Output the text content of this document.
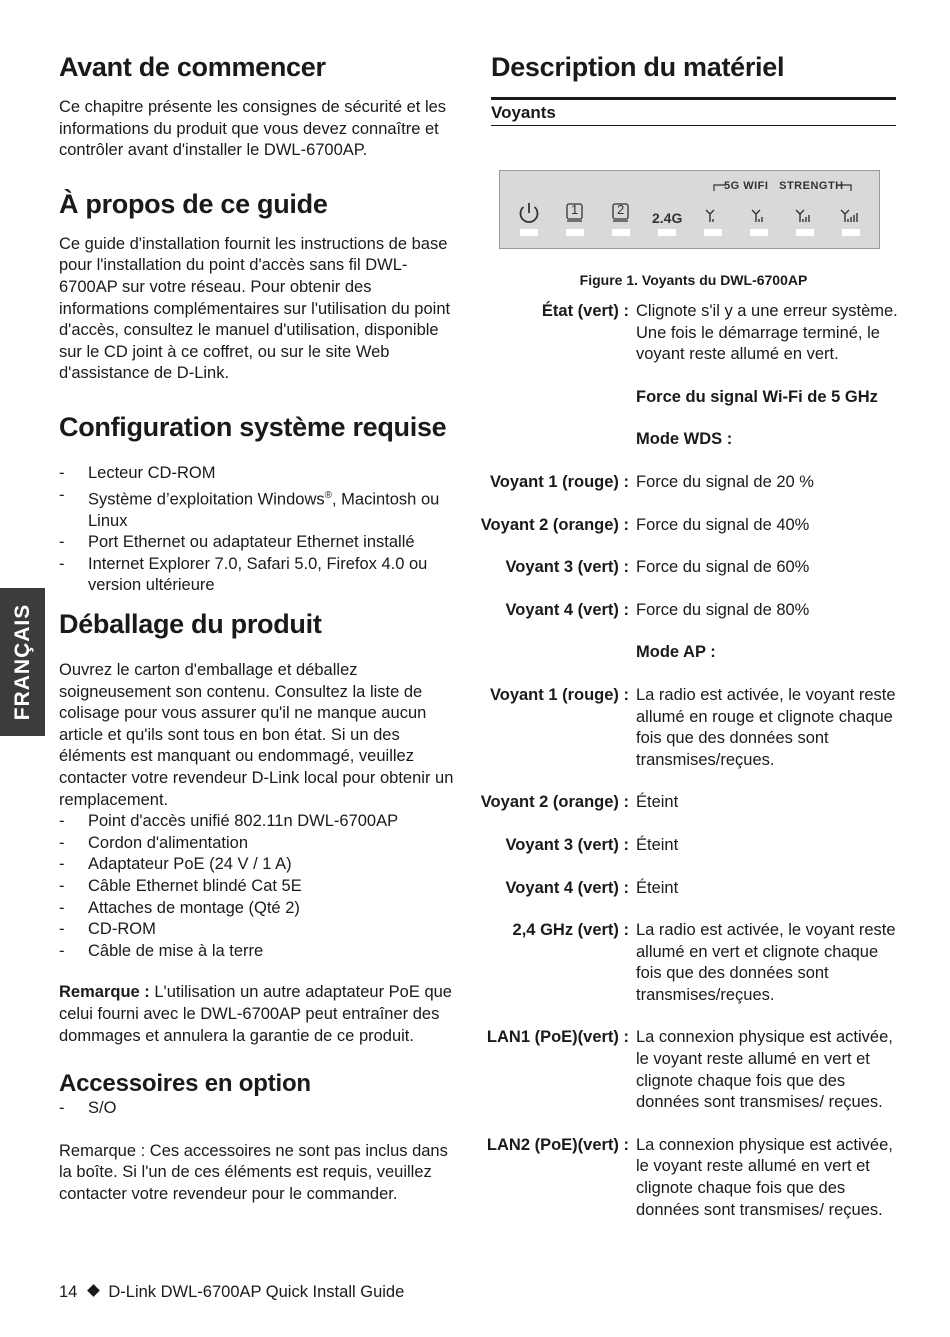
FRANÇAIS
Avant de commencer

Ce chapitre présente les consignes de sécurité et les informations du produit que vous devez connaître et contrôler avant d'installer le DWL-6700AP.

À propos de ce guide

Ce guide d'installation fournit les instructions de base pour l'installation du point d'accès sans fil DWL-6700AP sur votre réseau. Pour obtenir des informations complémentaires sur l'utilisation du point d'accès, consultez le manuel d'utilisation, disponible sur le CD joint à ce coffret, ou sur le site Web d'assistance de D-Link.

Configuration système requise
- Lecteur CD-ROM
- Système d’exploitation Windows®, Macintosh ou Linux
- Port Ethernet ou adaptateur Ethernet installé
- Internet Explorer 7.0, Safari 5.0, Firefox 4.0 ou version ultérieure
Déballage du produit

Ouvrez le carton d'emballage et déballez soigneusement son contenu. Consultez la liste de colisage pour vous assurer qu'il ne manque aucun article et qu'ils sont tous en bon état. Si un des éléments est manquant ou endommagé, veuillez contacter votre revendeur D-Link local pour obtenir un remplacement.

- Point d'accès unifié 802.11n DWL-6700AP
- Cordon d'alimentation
- Adaptateur PoE (24 V / 1 A)
- Câble Ethernet blindé Cat 5E
- Attaches de montage (Qté 2)
- CD-ROM
- Câble de mise à la terre

Remarque : L'utilisation un autre adaptateur PoE que celui fourni avec le DWL-6700AP peut entraîner des dommages et annulera la garantie de ce produit.

Accessoires en option
- S/O

Remarque : Ces accessoires ne sont pas inclus dans la boîte. Si l'un de ces éléments est requis, veuillez contacter votre revendeur pour le commander.

Description du matériel
Voyants
5G WIFI   STRENGTH
1	2
2.4G
Figure 1. Voyants du DWL-6700AP
État (vert) : Clignote s'il y a une erreur système. Une fois le démarrage terminé, le voyant reste allumé en vert.
Force du signal Wi-Fi de 5 GHz
Mode WDS :
Voyant 1 (rouge) : Force du signal de 20 %
Voyant 2 (orange) : Force du signal de 40%
Voyant 3 (vert) : Force du signal de 60%
Voyant 4 (vert) : Force du signal de 80%
Mode AP :
Voyant 1 (rouge) : La radio est activée, le voyant reste allumé en rouge et clignote chaque fois que des données sont transmises/reçues.
Voyant 2 (orange) : Éteint
Voyant 3 (vert) : Éteint
Voyant 4 (vert) : Éteint
2,4 GHz (vert) : La radio est activée, le voyant reste allumé en vert et clignote chaque fois que des données sont transmises/reçues.
LAN1 (PoE)(vert) : La connexion physique est activée, le voyant reste allumé en vert et clignote chaque fois que des données sont transmises/ reçues.
LAN2 (PoE)(vert) : La connexion physique est activée, le voyant reste allumé en vert et clignote chaque fois que des données sont transmises/ reçues.
14 D-Link DWL-6700AP Quick Install Guide
